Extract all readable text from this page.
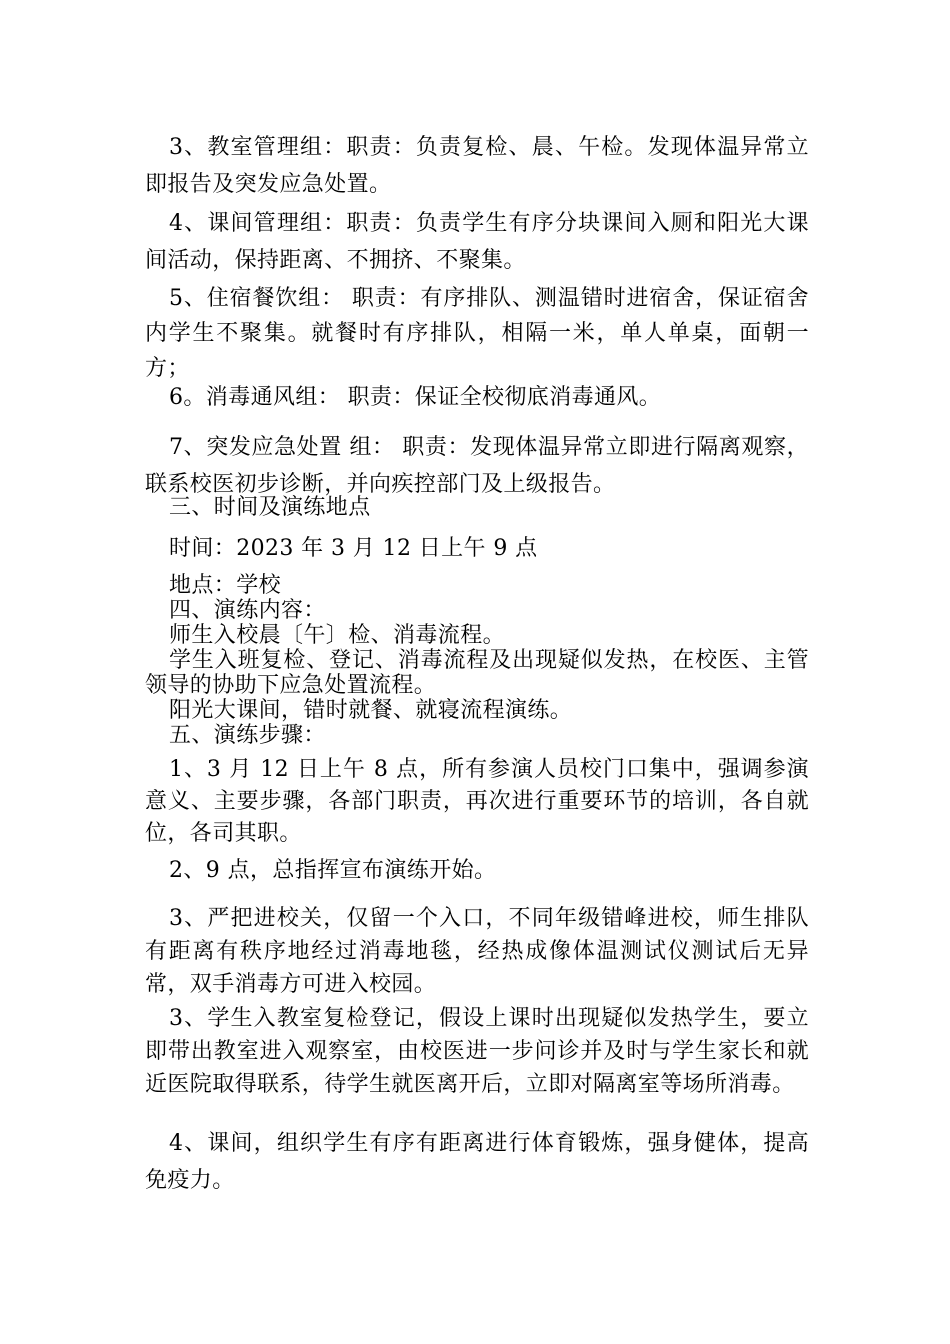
3、教室管理组：职责：负责复检、晨、午检。发现体温异常立即报告及突发应急处置。

4、课间管理组：职责：负责学生有序分块课间入厕和阳光大课间活动，保持距离、不拥挤、不聚集。

5、住宿餐饮组： 职责：有序排队、测温错时进宿舍，保证宿舍内学生不聚集。就餐时有序排队，相隔一米，单人单桌，面朝一方；

6。消毒通风组： 职责：保证全校彻底消毒通风。

7、突发应急处置 组： 职责：发现体温异常立即进行隔离观察，联系校医初步诊断，并向疾控部门及上级报告。

三、时间及演练地点

时间：2023 年 3 月 12 日上午 9 点

地点：学校

四、演练内容：

师生入校晨〔午〕检、消毒流程。

学生入班复检、登记、消毒流程及出现疑似发热，在校医、主管领导的协助下应急处置流程。

阳光大课间，错时就餐、就寝流程演练。

五、演练步骤：

1、3 月 12 日上午 8 点，所有参演人员校门口集中，强调参演意义、主要步骤，各部门职责，再次进行重要环节的培训，各自就位，各司其职。

2、9 点，总指挥宣布演练开始。

3、严把进校关，仅留一个入口，不同年级错峰进校，师生排队有距离有秩序地经过消毒地毯，经热成像体温测试仪测试后无异常，双手消毒方可进入校园。

3、学生入教室复检登记，假设上课时出现疑似发热学生，要立即带出教室进入观察室，由校医进一步问诊并及时与学生家长和就近医院取得联系，待学生就医离开后，立即对隔离室等场所消毒。

4、课间，组织学生有序有距离进行体育锻炼，强身健体，提高免疫力。
